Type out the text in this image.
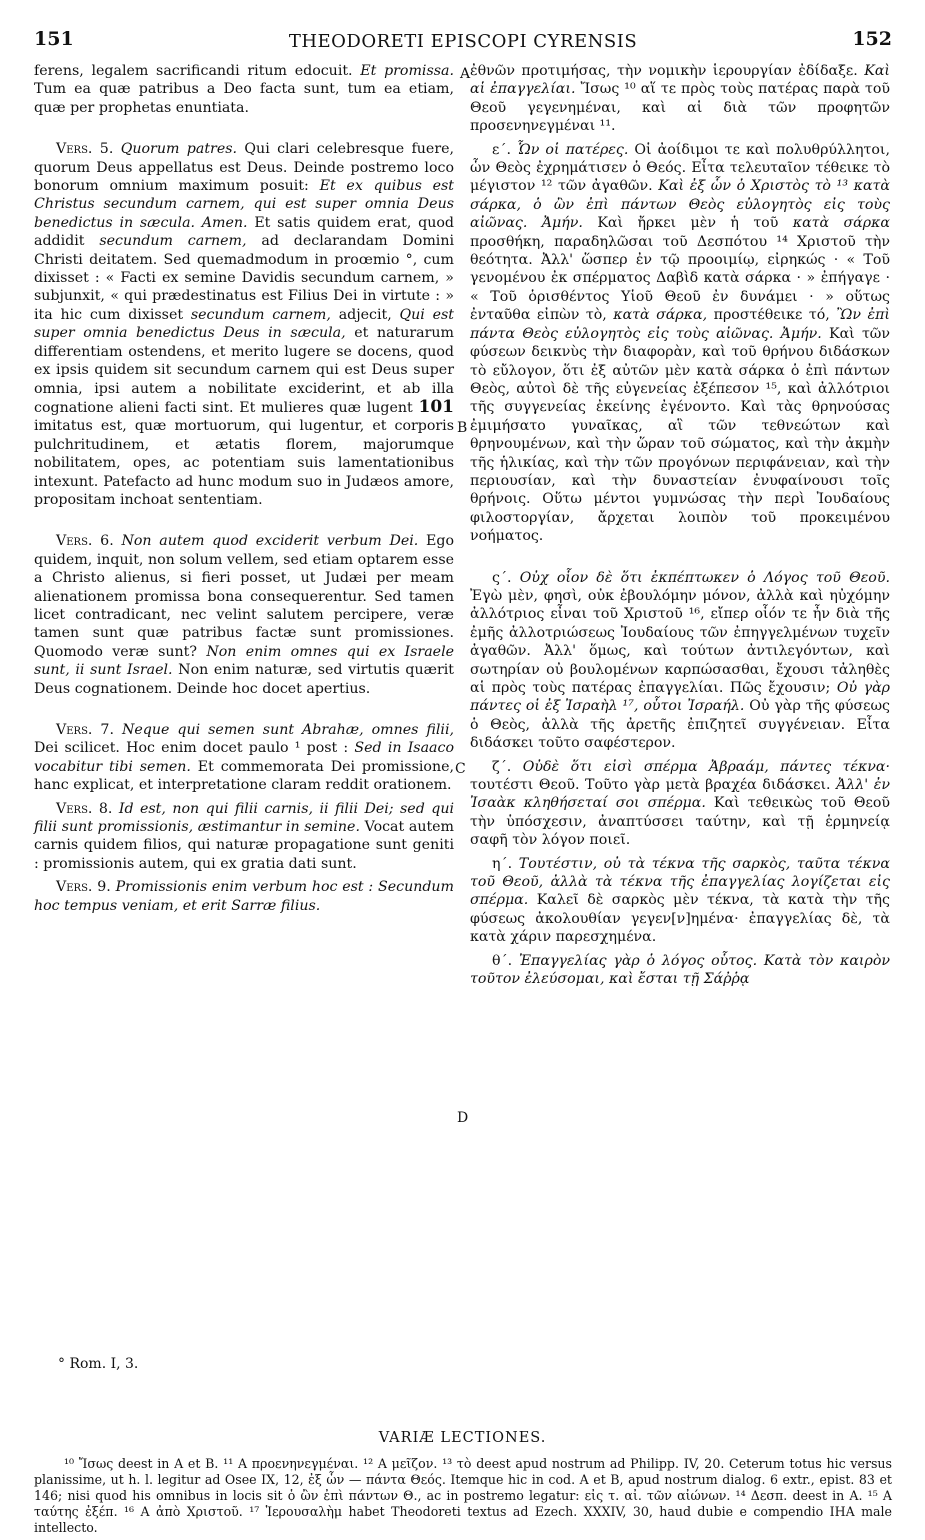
151	THEODORETI EPISCOPI CYRENSIS	152

ferens, legalem sacrificandi ritum edocuit. Et promissa. Tum ea quæ patribus a Deo facta sunt, tum ea etiam, quæ per prophetas enuntiata.

Vers. 5. Quorum patres. Qui clari celebresque fuere, quorum Deus appellatus est Deus. Deinde postremo loco bonorum omnium maximum posuit: Et ex quibus est Christus secundum carnem, qui est super omnia Deus benedictus in sæcula. Amen. Et satis quidem erat, quod addidit secundum carnem, ad declarandam Domini Christi deitatem. Sed quemadmodum in proœmio °, cum dixisset : « Facti ex semine Davidis secundum carnem, » subjunxit, « qui prædestinatus est Filius Dei in virtute : » ita hic cum dixisset secundum carnem, adjecit, Qui est super omnia benedictus Deus in sæcula, et naturarum differentiam ostendens, et merito lugere se docens, quod ex ipsis quidem sit secundum carnem qui est Deus super omnia, ipsi autem a nobilitate exciderint, et ab illa cognatione alieni facti sint. Et mulieres quæ lugent 101 imitatus est, quæ mortuorum, qui lugentur, et corporis pulchritudinem, et ætatis florem, majorumque nobilitatem, opes, ac potentiam suis lamentationibus intexunt. Patefacto ad hunc modum suo in Judæos amore, propositam inchoat sententiam.

Vers. 6. Non autem quod exciderit verbum Dei. Ego quidem, inquit, non solum vellem, sed etiam optarem esse a Christo alienus, si fieri posset, ut Judæi per meam alienationem promissa bona consequerentur. Sed tamen licet contradicant, nec velint salutem percipere, veræ tamen sunt quæ patribus factæ sunt promissiones. Quomodo veræ sunt? Non enim omnes qui ex Israele sunt, ii sunt Israel. Non enim naturæ, sed virtutis quærit Deus cognationem. Deinde hoc docet apertius.

Vers. 7. Neque qui semen sunt Abrahæ, omnes filii, Dei scilicet. Hoc enim docet paulo ¹ post : Sed in Isaaco vocabitur tibi semen. Et commemorata Dei promissione, hanc explicat, et interpretatione claram reddit orationem.

Vers. 8. Id est, non qui filii carnis, ii filii Dei; sed qui filii sunt promissionis, æstimantur in semine. Vocat autem carnis quidem filios, qui naturæ propagatione sunt geniti : promissionis autem, qui ex gratia dati sunt.

Vers. 9. Promissionis enim verbum hoc est : Secundum hoc tempus veniam, et erit Sarræ filius.

A
B
C
D

ἐθνῶν προτιμήσας, τὴν νομικὴν ἱερουργίαν ἐδίδαξε. Καὶ αἱ ἐπαγγελίαι. Ἴσως ¹⁰ αἵ τε πρὸς τοὺς πατέρας παρὰ τοῦ Θεοῦ γεγενημέναι, καὶ αἱ διὰ τῶν προφητῶν προσενηνεγμέναι ¹¹.

ε΄. Ὧν οἱ πατέρες. Οἱ ἀοίδιμοι τε καὶ πολυθρύλλητοι, ὧν Θεὸς ἐχρημάτισεν ὁ Θεός. Εἶτα τελευταῖον τέθεικε τὸ μέγιστον ¹² τῶν ἀγαθῶν. Καὶ ἐξ ὧν ὁ Χριστὸς τὸ ¹³ κατὰ σάρκα, ὁ ὢν ἐπὶ πάντων Θεὸς εὐλογητὸς εἰς τοὺς αἰῶνας. Ἀμήν. Καὶ ἤρκει μὲν ἡ τοῦ κατὰ σάρκα προσθήκη, παραδηλῶσαι τοῦ Δεσπότου ¹⁴ Χριστοῦ τὴν θεότητα. Ἀλλ' ὥσπερ ἐν τῷ προοιμίῳ, εἰρηκώς · « Τοῦ γενομένου ἐκ σπέρματος Δαβὶδ κατὰ σάρκα · » ἐπήγαγε · « Τοῦ ὁρισθέντος Υἱοῦ Θεοῦ ἐν δυνάμει · » οὕτως ἐνταῦθα εἰπὼν τὸ, κατὰ σάρκα, προστέθεικε τό, Ὢν ἐπὶ πάντα Θεὸς εὐλογητὸς εἰς τοὺς αἰῶνας. Ἀμήν. Καὶ τῶν φύσεων δεικνὺς τὴν διαφορὰν, καὶ τοῦ θρήνου διδάσκων τὸ εὔλογον, ὅτι ἐξ αὐτῶν μὲν κατὰ σάρκα ὁ ἐπὶ πάντων Θεὸς, αὐτοὶ δὲ τῆς εὐγενείας ἐξέπεσον ¹⁵, καὶ ἀλλότριοι τῆς συγγενείας ἐκείνης ἐγένοντο. Καὶ τὰς θρηνούσας ἐμιμήσατο γυναῖκας, αἳ τῶν τεθνεώτων καὶ θρηνουμένων, καὶ τὴν ὥραν τοῦ σώματος, καὶ τὴν ἀκμὴν τῆς ἡλικίας, καὶ τὴν τῶν προγόνων περιφάνειαν, καὶ τὴν περιουσίαν, καὶ τὴν δυναστείαν ἐνυφαίνουσι τοῖς θρήνοις. Οὕτω μέντοι γυμνώσας τὴν περὶ Ἰουδαίους φιλοστοργίαν, ἄρχεται λοιπὸν τοῦ προκειμένου νοήματος.

ς΄. Οὐχ οἷον δὲ ὅτι ἐκπέπτωκεν ὁ Λόγος τοῦ Θεοῦ. Ἐγὼ μὲν, φησὶ, οὐκ ἐβουλόμην μόνον, ἀλλὰ καὶ ηὐχόμην ἀλλότριος εἶναι τοῦ Χριστοῦ ¹⁶, εἴπερ οἷόν τε ἦν διὰ τῆς ἐμῆς ἀλλοτριώσεως Ἰουδαίους τῶν ἐπηγγελμένων τυχεῖν ἀγαθῶν. Ἀλλ' ὅμως, καὶ τούτων ἀντιλεγόντων, καὶ σωτηρίαν οὐ βουλομένων καρπώσασθαι, ἔχουσι τἀληθὲς αἱ πρὸς τοὺς πατέρας ἐπαγγελίαι. Πῶς ἔχουσιν; Οὐ γὰρ πάντες οἱ ἐξ Ἰσραὴλ ¹⁷, οὗτοι Ἰσραήλ. Οὐ γὰρ τῆς φύσεως ὁ Θεὸς, ἀλλὰ τῆς ἀρετῆς ἐπιζητεῖ συγγένειαν. Εἶτα διδάσκει τοῦτο σαφέστερον.

ζ΄. Οὐδὲ ὅτι εἰσὶ σπέρμα Ἀβραάμ, πάντες τέκνα· τουτέστι Θεοῦ. Τοῦτο γὰρ μετὰ βραχέα διδάσκει. Ἀλλ' ἐν Ἰσαὰκ κληθήσεταί σοι σπέρμα. Καὶ τεθεικὼς τοῦ Θεοῦ τὴν ὑπόσχεσιν, ἀναπτύσσει ταύτην, καὶ τῇ ἑρμηνείᾳ σαφῆ τὸν λόγον ποιεῖ.

η΄. Τουτέστιν, οὐ τὰ τέκνα τῆς σαρκὸς, ταῦτα τέκνα τοῦ Θεοῦ, ἀλλὰ τὰ τέκνα τῆς ἐπαγγελίας λογίζεται εἰς σπέρμα. Καλεῖ δὲ σαρκὸς μὲν τέκνα, τὰ κατὰ τὴν τῆς φύσεως ἀκολουθίαν γεγεν[ν]ημένα· ἐπαγγελίας δὲ, τὰ κατὰ χάριν παρεσχημένα.

θ΄. Ἐπαγγελίας γὰρ ὁ λόγος οὗτος. Κατὰ τὸν καιρὸν τοῦτον ἐλεύσομαι, καὶ ἔσται τῇ Σάῤῥᾳ

° Rom. I, 3.
VARIÆ LECTIONES.
¹⁰ Ἴσως deest in A et B. ¹¹ A προενηνεγμέναι. ¹² A μεῖζον. ¹³ τὸ deest apud nostrum ad Philipp. IV, 20. Ceterum totus hic versus planissime, ut h. l. legitur ad Osee IX, 12, ἐξ ὧν — πάντα Θεός. Itemque hic in cod. A et B, apud nostrum dialog. 6 extr., epist. 83 et 146; nisi quod his omnibus in locis sit ὁ ὢν ἐπὶ πάντων Θ., ac in postremo legatur: εἰς τ. αἰ. τῶν αἰώνων. ¹⁴ Δεσπ. deest in A. ¹⁵ A ταύτης ἐξέπ. ¹⁶ A ἀπὸ Χριστοῦ. ¹⁷ Ἱερουσαλὴμ habet Theodoreti textus ad Ezech. XXXIV, 30, haud dubie e compendio IHA male intellecto.
